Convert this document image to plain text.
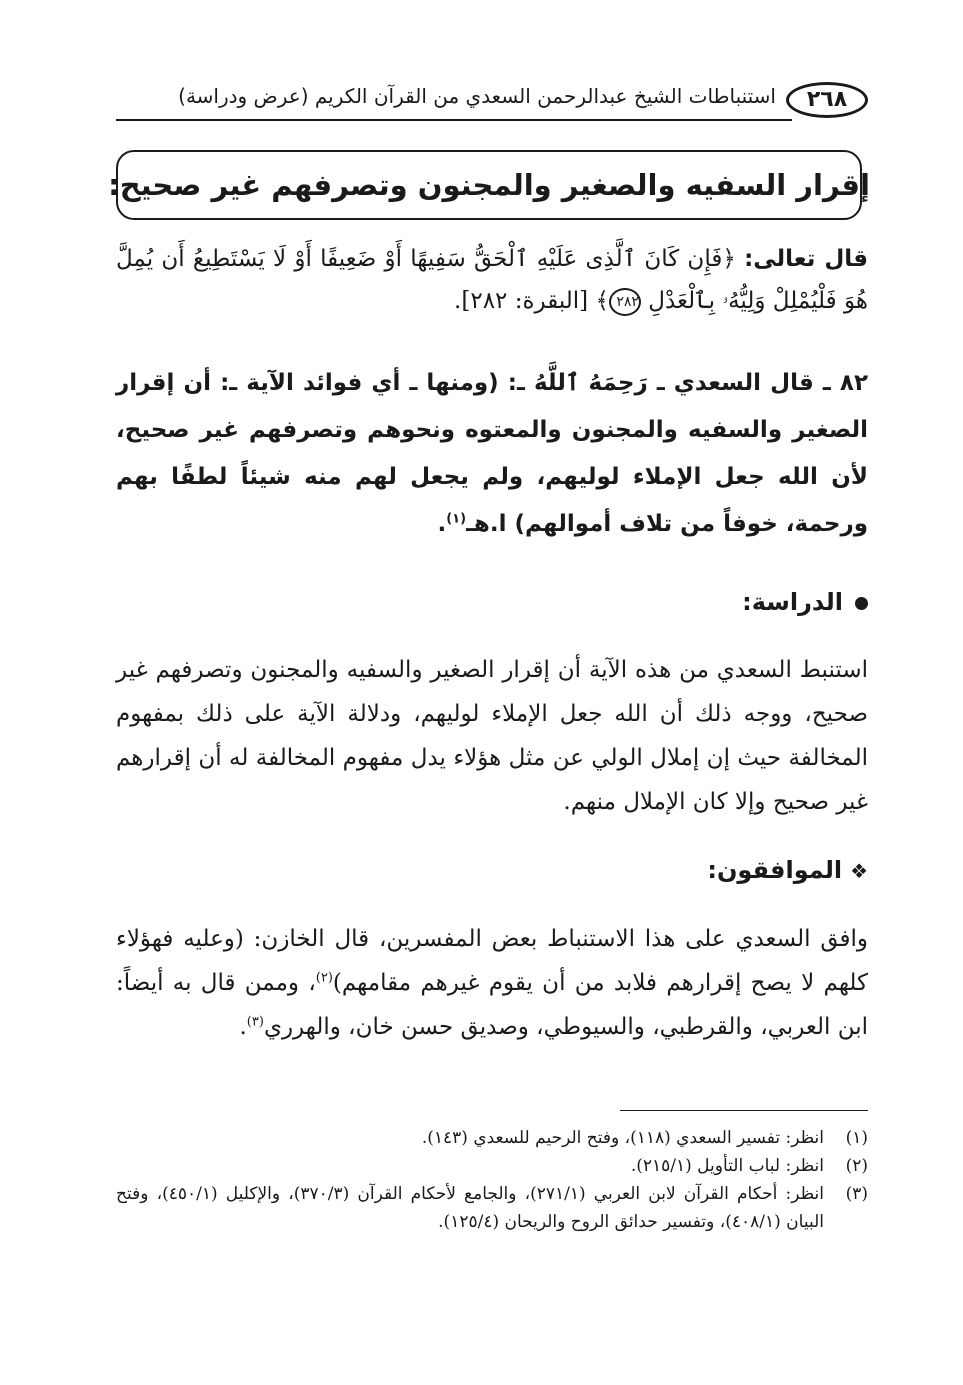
٢٦٨
استنباطات الشيخ عبدالرحمن السعدي من القرآن الكريم (عرض ودراسة)
إقرار السفيه والصغير والمجنون وتصرفهم غير صحيح:
قال تعالى: ﴿فَإِن كَانَ ٱلَّذِى عَلَيْهِ ٱلْحَقُّ سَفِيهًا أَوْ ضَعِيفًا أَوْ لَا يَسْتَطِيعُ أَن يُمِلَّ هُوَ فَلْيُمْلِلْ وَلِيُّهُۥ بِٱلْعَدْلِ ٢٨٢﴾ [البقرة: ٢٨٢].
٨٢ ـ قال السعدي ـ رَحِمَهُ ٱللَّهُ ـ: (ومنها ـ أي فوائد الآية ـ: أن إقرار الصغير والسفيه والمجنون والمعتوه ونحوهم وتصرفهم غير صحيح، لأن الله جعل الإملاء لوليهم، ولم يجعل لهم منه شيئاً لطفًا بهم ورحمة، خوفاً من تلاف أموالهم) ا.هـ$^{(١)}$.
الدراسة:
استنبط السعدي من هذه الآية أن إقرار الصغير والسفيه والمجنون وتصرفهم غير صحيح، ووجه ذلك أن الله جعل الإملاء لوليهم، ودلالة الآية على ذلك بمفهوم المخالفة حيث إن إملال الولي عن مثل هؤلاء يدل مفهوم المخالفة له أن إقرارهم غير صحيح وإلا كان الإملال منهم.
❖الموافقون:
وافق السعدي على هذا الاستنباط بعض المفسرين، قال الخازن: (وعليه فهؤلاء كلهم لا يصح إقرارهم فلابد من أن يقوم غيرهم مقامهم)$^{(٢)}$، وممن قال به أيضاً: ابن العربي، والقرطبي، والسيوطي، وصديق حسن خان، والهرري$^{(٣)}$.
(١)
انظر: تفسير السعدي (١١٨)، وفتح الرحيم للسعدي (١٤٣).
(٢)
انظر: لباب التأويل (٢١٥/١).
(٣)
انظر: أحكام القرآن لابن العربي (٢٧١/١)، والجامع لأحكام القرآن (٣٧٠/٣)، والإكليل (٤٥٠/١)، وفتح البيان (٤٠٨/١)، وتفسير حدائق الروح والريحان (١٢٥/٤).
